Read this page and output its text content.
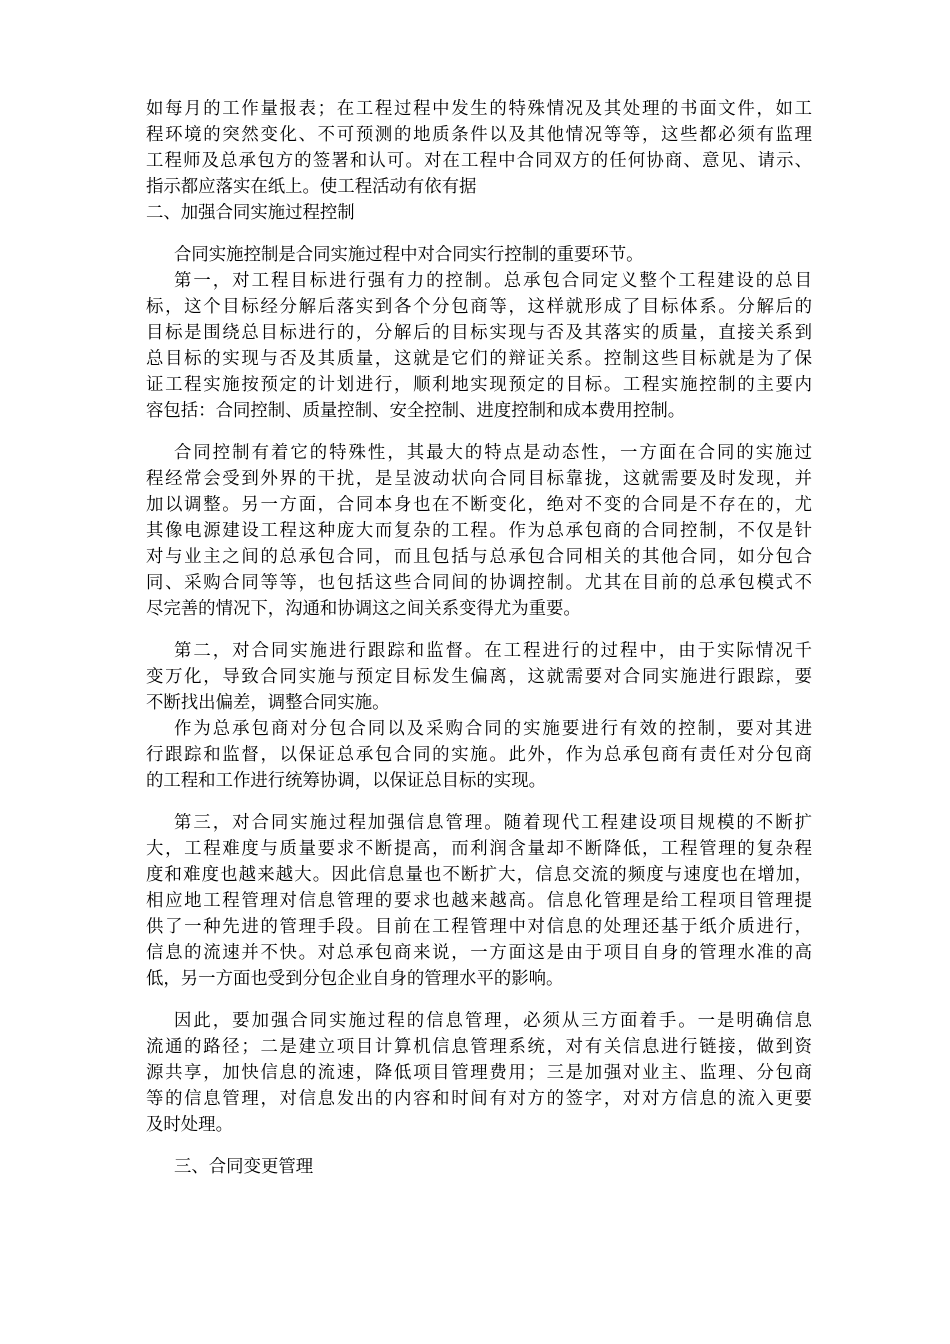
如每月的工作量报表；在工程过程中发生的特殊情况及其处理的书面文件，如工
程环境的突然变化、不可预测的地质条件以及其他情况等等，这些都必须有监理
工程师及总承包方的签署和认可。对在工程中合同双方的任何协商、意见、请示、
指示都应落实在纸上。使工程活动有依有据
二、加强合同实施过程控制
合同实施控制是合同实施过程中对合同实行控制的重要环节。
第一，对工程目标进行强有力的控制。总承包合同定义整个工程建设的总目
标，这个目标经分解后落实到各个分包商等，这样就形成了目标体系。分解后的
目标是围绕总目标进行的，分解后的目标实现与否及其落实的质量，直接关系到
总目标的实现与否及其质量，这就是它们的辩证关系。控制这些目标就是为了保
证工程实施按预定的计划进行，顺利地实现预定的目标。工程实施控制的主要内
容包括：合同控制、质量控制、安全控制、进度控制和成本费用控制。
合同控制有着它的特殊性，其最大的特点是动态性，一方面在合同的实施过
程经常会受到外界的干扰，是呈波动状向合同目标靠拢，这就需要及时发现，并
加以调整。另一方面，合同本身也在不断变化，绝对不变的合同是不存在的，尤
其像电源建设工程这种庞大而复杂的工程。作为总承包商的合同控制，不仅是针
对与业主之间的总承包合同，而且包括与总承包合同相关的其他合同，如分包合
同、采购合同等等，也包括这些合同间的协调控制。尤其在目前的总承包模式不
尽完善的情况下，沟通和协调这之间关系变得尤为重要。
第二，对合同实施进行跟踪和监督。在工程进行的过程中，由于实际情况千
变万化，导致合同实施与预定目标发生偏离，这就需要对合同实施进行跟踪，要
不断找出偏差，调整合同实施。
作为总承包商对分包合同以及采购合同的实施要进行有效的控制，要对其进
行跟踪和监督，以保证总承包合同的实施。此外，作为总承包商有责任对分包商
的工程和工作进行统筹协调，以保证总目标的实现。
第三，对合同实施过程加强信息管理。随着现代工程建设项目规模的不断扩
大，工程难度与质量要求不断提高，而利润含量却不断降低，工程管理的复杂程
度和难度也越来越大。因此信息量也不断扩大，信息交流的频度与速度也在增加，
相应地工程管理对信息管理的要求也越来越高。信息化管理是给工程项目管理提
供了一种先进的管理手段。目前在工程管理中对信息的处理还基于纸介质进行，
信息的流速并不快。对总承包商来说，一方面这是由于项目自身的管理水准的高
低，另一方面也受到分包企业自身的管理水平的影响。
因此，要加强合同实施过程的信息管理，必须从三方面着手。一是明确信息
流通的路径；二是建立项目计算机信息管理系统，对有关信息进行链接，做到资
源共享，加快信息的流速，降低项目管理费用；三是加强对业主、监理、分包商
等的信息管理，对信息发出的内容和时间有对方的签字，对对方信息的流入更要
及时处理。
三、合同变更管理
